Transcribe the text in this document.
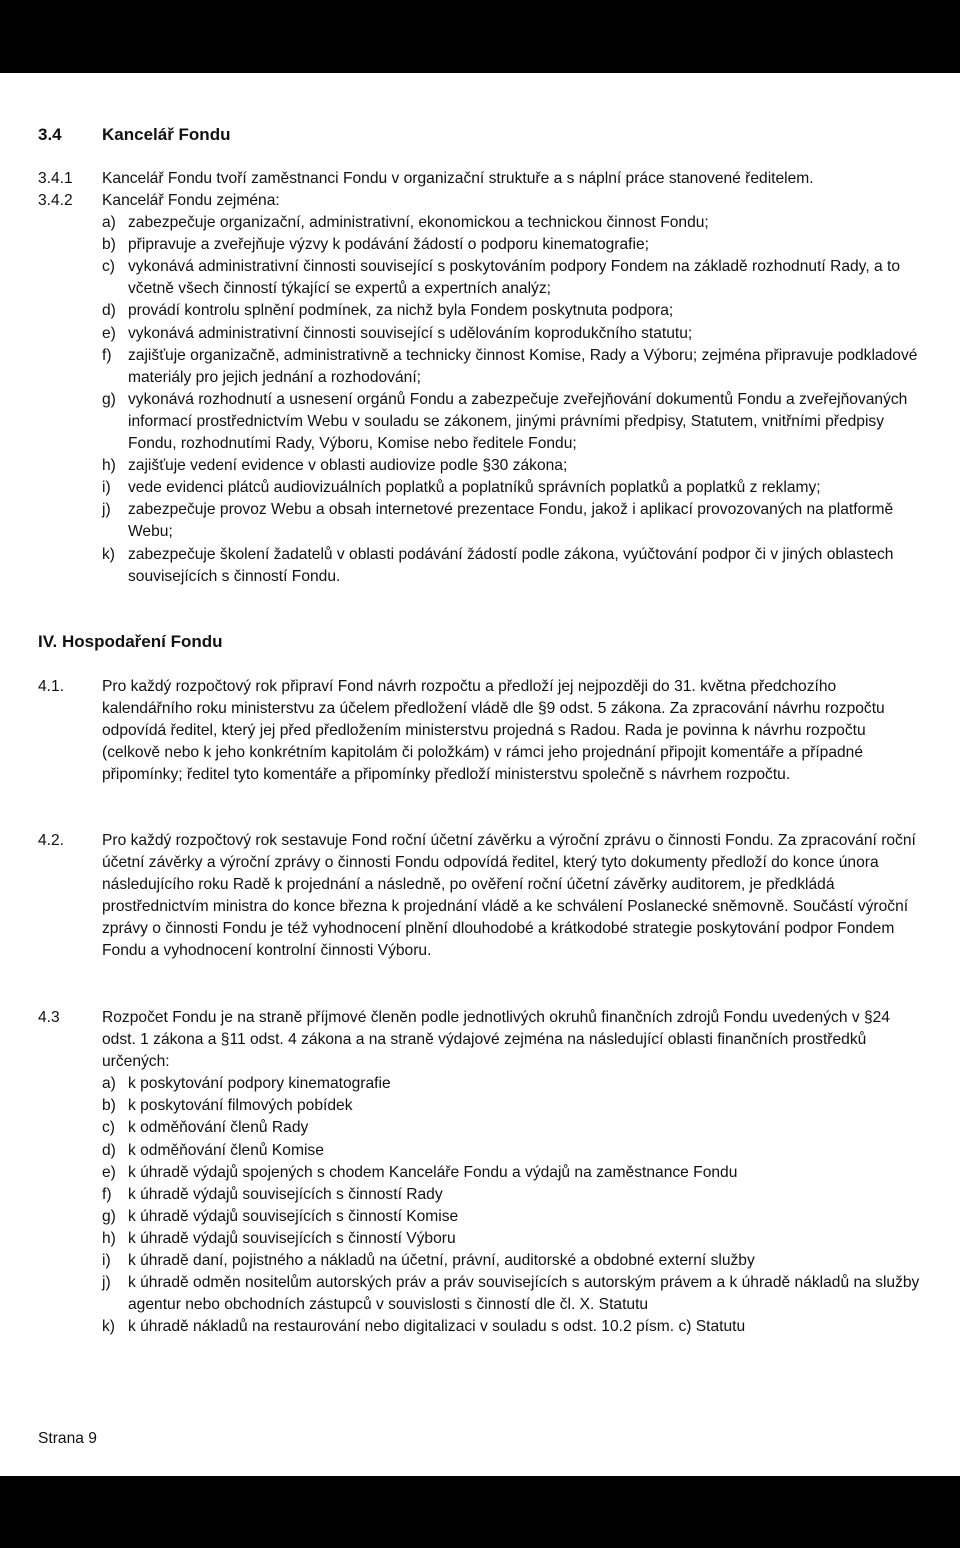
3.4 Kancelář Fondu
3.4.1	Kancelář Fondu tvoří zaměstnanci Fondu v organizační struktuře a s náplní práce stanovené ředitelem.
3.4.2	Kancelář Fondu zejména:
a) zabezpečuje organizační, administrativní, ekonomickou a technickou činnost Fondu;
b) připravuje a zveřejňuje výzvy k podávání žádostí o podporu kinematografie;
c) vykonává administrativní činnosti související s poskytováním podpory Fondem na základě rozhodnutí Rady, a to včetně všech činností týkající se expertů a expertních analýz;
d) provádí kontrolu splnění podmínek, za nichž byla Fondem poskytnuta podpora;
e) vykonává administrativní činnosti související s udělováním koprodukčního statutu;
f)	zajišťuje organizačně, administrativně a technicky činnost Komise, Rady a Výboru; zejména připravuje podkladové materiály pro jejich jednání a rozhodování;
g) vykonává rozhodnutí a usnesení orgánů Fondu a zabezpečuje zveřejňování dokumentů Fondu a zveřejňovaných informací prostřednictvím Webu v souladu se zákonem, jinými právními předpisy, Statutem, vnitřními předpisy Fondu, rozhodnutími Rady, Výboru, Komise nebo ředitele Fondu;
h) zajišťuje vedení evidence v oblasti audiovize podle §30 zákona;
i)	vede evidenci plátců audiovizuálních poplatků a poplatníků správních poplatků a poplatků z reklamy;
j)	zabezpečuje provoz Webu a obsah internetové prezentace Fondu, jakož i aplikací provozovaných na platformě Webu;
k) zabezpečuje školení žadatelů v oblasti podávání žádostí podle zákona, vyúčtování podpor či v jiných oblastech souvisejících s činností Fondu.
IV. Hospodaření Fondu
4.1.	Pro každý rozpočtový rok připraví Fond návrh rozpočtu a předloží jej nejpozději do 31. května předchozího kalendářního roku ministerstvu za účelem předložení vládě dle §9 odst. 5 zákona. Za zpracování návrhu rozpočtu odpovídá ředitel, který jej před předložením ministerstvu projedná s Radou. Rada je povinna k návrhu rozpočtu (celkově nebo k jeho konkrétním kapitolám či položkám) v rámci jeho projednání připojit komentáře a případné připomínky; ředitel tyto komentáře a připomínky předloží ministerstvu společně s návrhem rozpočtu.
4.2.	Pro každý rozpočtový rok sestavuje Fond roční účetní závěrku a výroční zprávu o činnosti Fondu. Za zpracování roční účetní závěrky a výroční zprávy o činnosti Fondu odpovídá ředitel, který tyto dokumenty předloží do konce února následujícího roku Radě k projednání a následně, po ověření roční účetní závěrky auditorem, je předkládá prostřednictvím ministra do konce března k projednání vládě a ke schválení Poslanecké sněmovně. Součástí výroční zprávy o činnosti Fondu je též vyhodnocení plnění dlouhodobé a krátkodobé strategie poskytování podpor Fondem Fondu a vyhodnocení kontrolní činnosti Výboru.
4.3	Rozpočet Fondu je na straně příjmové členěn podle jednotlivých okruhů finančních zdrojů Fondu uvedených v §24 odst. 1 zákona a §11 odst. 4 zákona a na straně výdajové zejména na následující oblasti finančních prostředků určených:
a) k poskytování podpory kinematografie
b) k poskytování filmových pobídek
c) k odměňování členů Rady
d) k odměňování členů Komise
e) k úhradě výdajů spojených s chodem Kanceláře Fondu a výdajů na zaměstnance Fondu
f)	k úhradě výdajů souvisejících s činností Rady
g) k úhradě výdajů souvisejících s činností Komise
h) k úhradě výdajů souvisejících s činností Výboru
i)	k úhradě daní, pojistného a nákladů na účetní, právní, auditorské a obdobné externí služby
j)	k úhradě odměn nositelům autorských práv a práv souvisejících s autorským právem a k úhradě nákladů na služby agentur nebo obchodních zástupců v souvislosti s činností dle čl. X. Statutu
k) k úhradě nákladů na restaurování nebo digitalizaci v souladu s odst. 10.2 písm. c) Statutu
Strana 9
